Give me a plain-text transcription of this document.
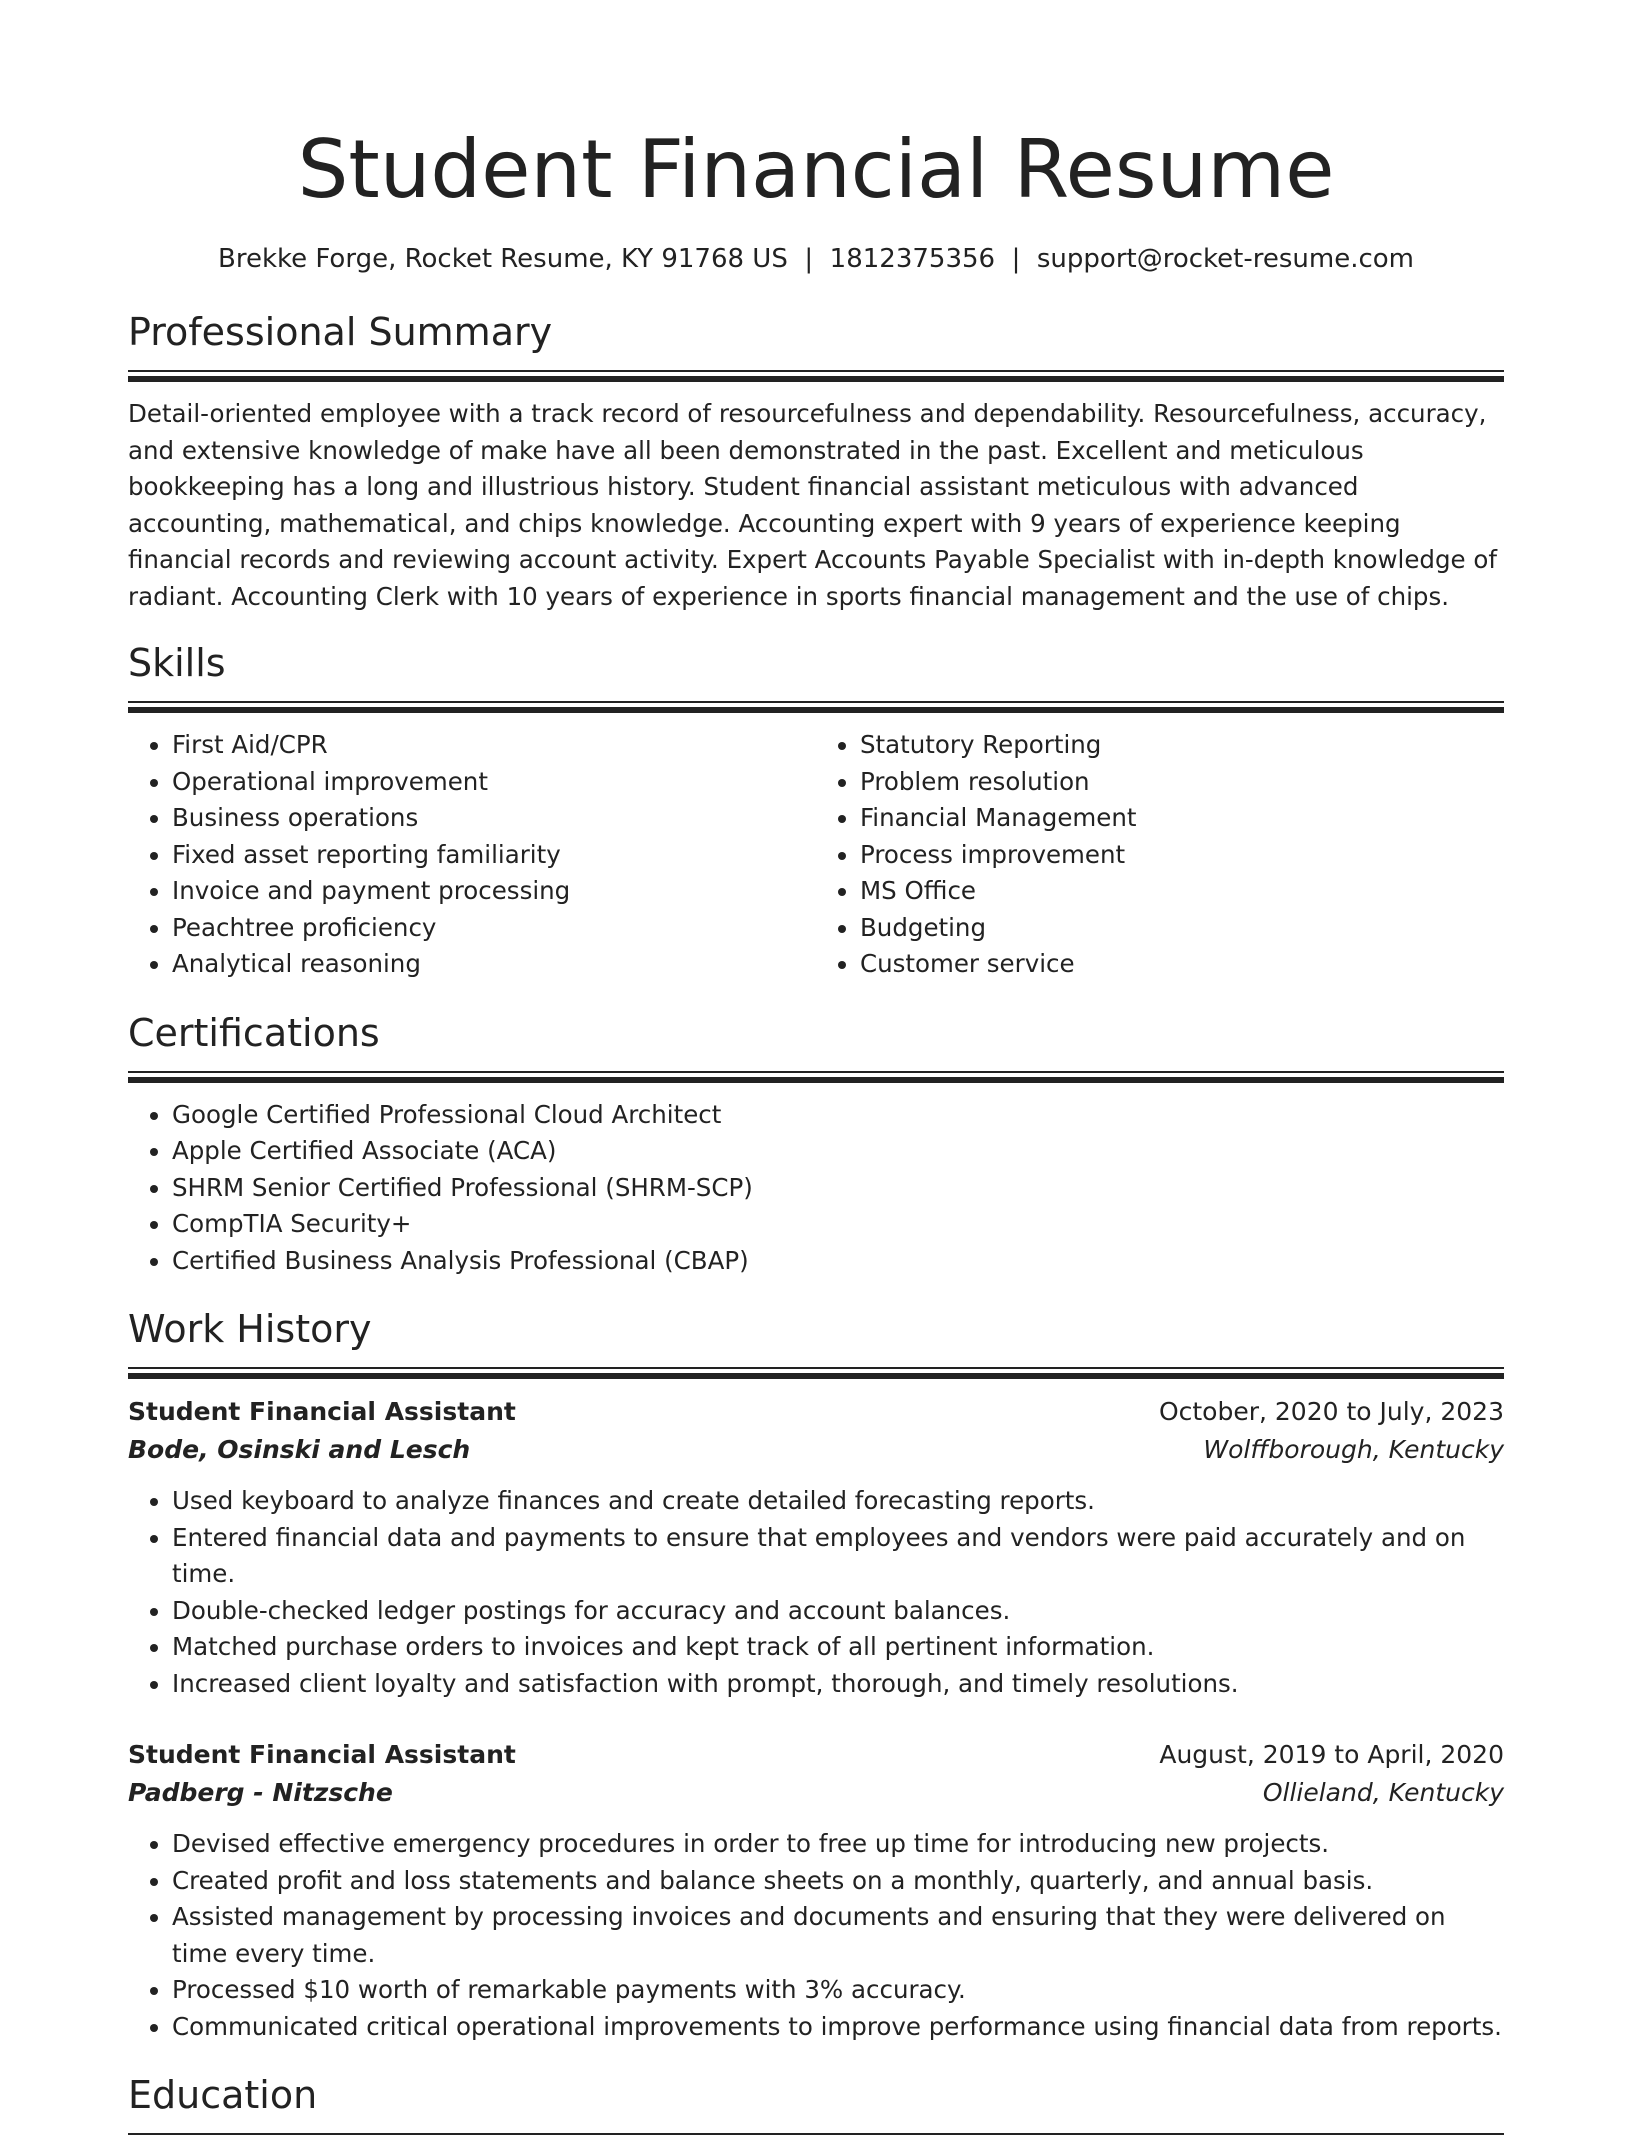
Student Financial Resume
Brekke Forge, Rocket Resume, KY 91768 US  |  1812375356  |  support@rocket-resume.com
Professional Summary

Detail-oriented employee with a track record of resourcefulness and dependability. Resourcefulness, accuracy, and extensive knowledge of make have all been demonstrated in the past. Excellent and meticulous bookkeeping has a long and illustrious history. Student financial assistant meticulous with advanced accounting, mathematical, and chips knowledge. Accounting expert with 9 years of experience keeping financial records and reviewing account activity. Expert Accounts Payable Specialist with in-depth knowledge of radiant. Accounting Clerk with 10 years of experience in sports financial management and the use of chips.

Skills
• First Aid/CPR
• Operational improvement
• Business operations
• Fixed asset reporting familiarity
• Invoice and payment processing
• Peachtree proficiency
• Analytical reasoning
• Statutory Reporting
• Problem resolution
• Financial Management
• Process improvement
• MS Office
• Budgeting
• Customer service
Certifications
• Google Certified Professional Cloud Architect
• Apple Certified Associate (ACA)
• SHRM Senior Certified Professional (SHRM-SCP)
• CompTIA Security+
• Certified Business Analysis Professional (CBAP)
Work History
Student Financial Assistant	October, 2020 to July, 2023
Bode, Osinski and Lesch	Wolffborough, Kentucky
• Used keyboard to analyze finances and create detailed forecasting reports.
• Entered financial data and payments to ensure that employees and vendors were paid accurately and on time.
• Double-checked ledger postings for accuracy and account balances.
• Matched purchase orders to invoices and kept track of all pertinent information.
• Increased client loyalty and satisfaction with prompt, thorough, and timely resolutions.
Student Financial Assistant	August, 2019 to April, 2020
Padberg - Nitzsche	Ollieland, Kentucky
• Devised effective emergency procedures in order to free up time for introducing new projects.
• Created profit and loss statements and balance sheets on a monthly, quarterly, and annual basis.
• Assisted management by processing invoices and documents and ensuring that they were delivered on time every time.
• Processed $10 worth of remarkable payments with 3% accuracy.
• Communicated critical operational improvements to improve performance using financial data from reports.
Education
